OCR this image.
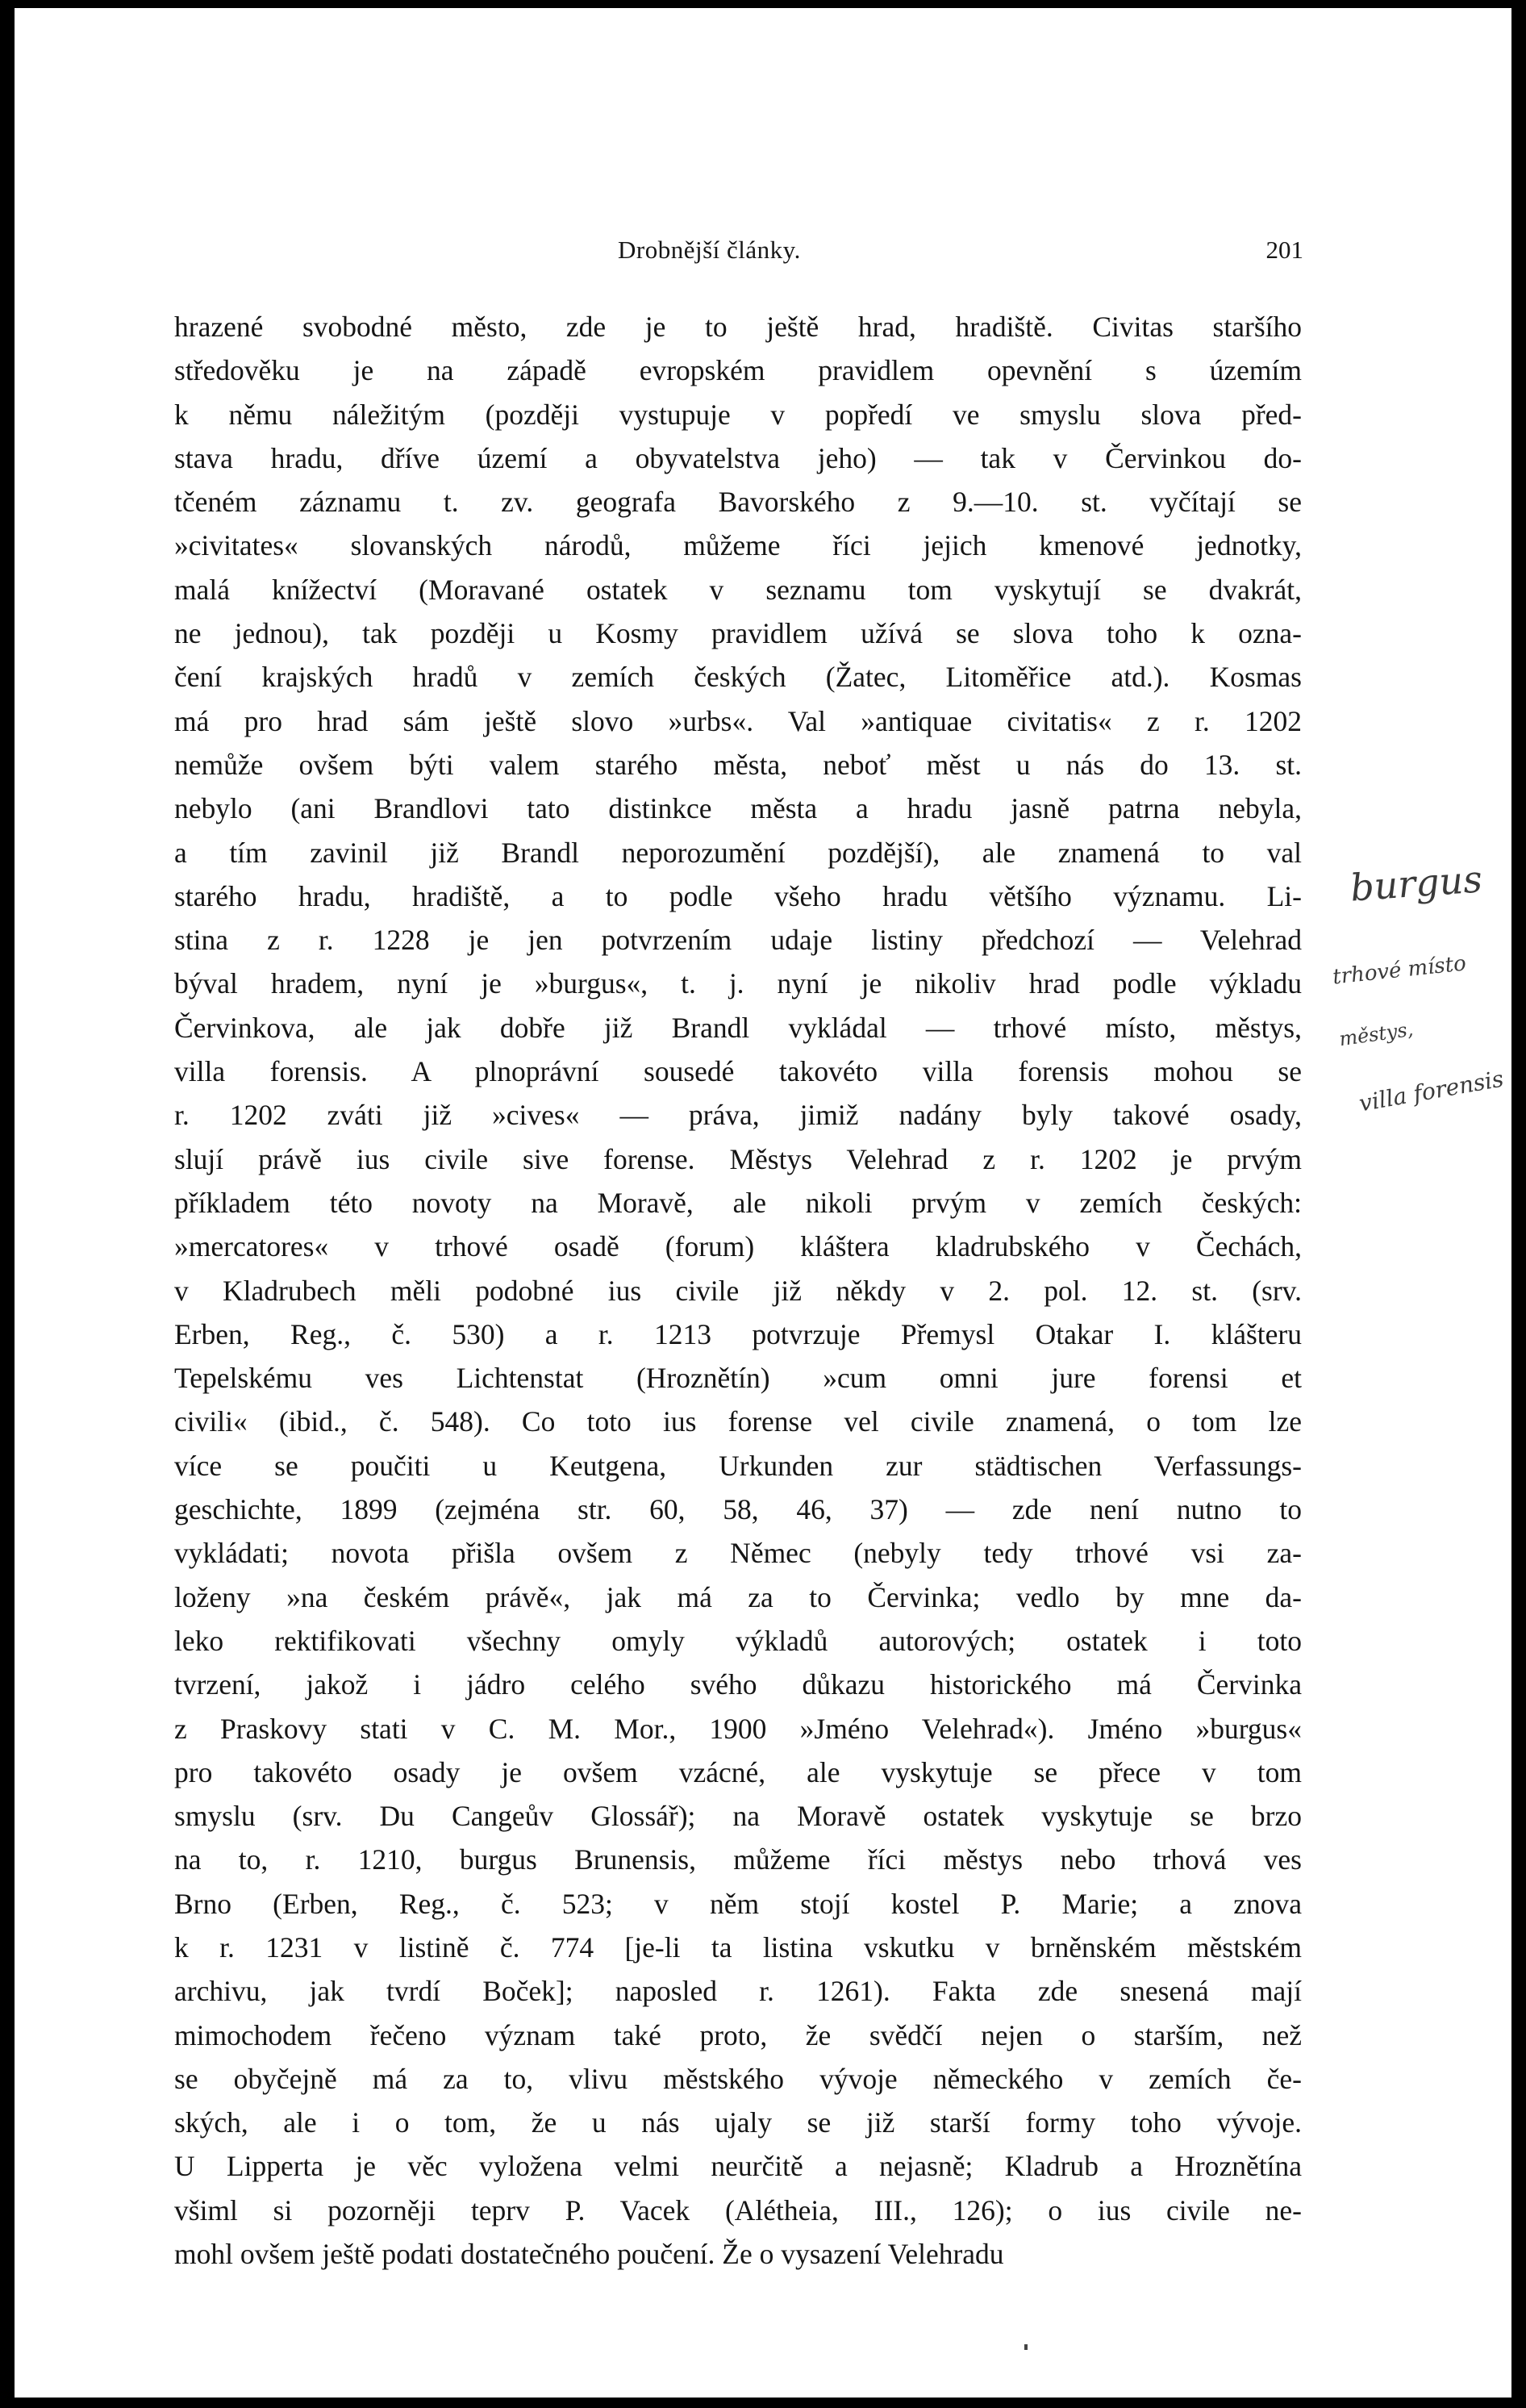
Drobnější články.	201
hrazené svobodné město, zde je to ještě hrad, hradiště. Civitas staršího
středověku je na západě evropském pravidlem opevnění s územím
k němu náležitým (později vystupuje v popředí ve smyslu slova před-
stava hradu, dříve území a obyvatelstva jeho) — tak v Červinkou do-
tčeném záznamu t. zv. geografa Bavorského z 9.—10. st. vyčítají se
»civitates« slovanských národů, můžeme říci jejich kmenové jednotky,
malá knížectví (Moravané ostatek v seznamu tom vyskytují se dvakrát,
ne jednou), tak později u Kosmy pravidlem užívá se slova toho k ozna-
čení krajských hradů v zemích českých (Žatec, Litoměřice atd.). Kosmas
má pro hrad sám ještě slovo »urbs«. Val »antiquae civitatis« z r. 1202
nemůže ovšem býti valem starého města, neboť měst u nás do 13. st.
nebylo (ani Brandlovi tato distinkce města a hradu jasně patrna nebyla,
a tím zavinil již Brandl neporozumění pozdější), ale znamená to val
starého hradu, hradiště, a to podle všeho hradu většího významu. Li-
stina z r. 1228 je jen potvrzením udaje listiny předchozí — Velehrad
býval hradem, nyní je »burgus«, t. j. nyní je nikoliv hrad podle výkladu
Červinkova, ale jak dobře již Brandl vykládal — trhové místo, městys,
villa forensis. A plnoprávní sousedé takovéto villa forensis mohou se
r. 1202 zváti již »cives« — práva, jimiž nadány byly takové osady,
slují právě ius civile sive forense. Městys Velehrad z r. 1202 je prvým
příkladem této novoty na Moravě, ale nikoli prvým v zemích českých:
»mercatores« v trhové osadě (forum) kláštera kladrubského v Čechách,
v Kladrubech měli podobné ius civile již někdy v 2. pol. 12. st. (srv.
Erben, Reg., č. 530) a r. 1213 potvrzuje Přemysl Otakar I. klášteru
Tepelskému ves Lichtenstat (Hroznětín) »cum omni jure forensi et
civili« (ibid., č. 548). Co toto ius forense vel civile znamená, o tom lze
více se poučiti u Keutgena, Urkunden zur städtischen Verfassungs-
geschichte, 1899 (zejména str. 60, 58, 46, 37) — zde není nutno to
vykládati; novota přišla ovšem z Němec (nebyly tedy trhové vsi za-
loženy »na českém právě«, jak má za to Červinka; vedlo by mne da-
leko rektifikovati všechny omyly výkladů autorových; ostatek i toto
tvrzení, jakož i jádro celého svého důkazu historického má Červinka
z Praskovy stati v C. M. Mor., 1900 »Jméno Velehrad«). Jméno »burgus«
pro takovéto osady je ovšem vzácné, ale vyskytuje se přece v tom
smyslu (srv. Du Cangeův Glossář); na Moravě ostatek vyskytuje se brzo
na to, r. 1210, burgus Brunensis, můžeme říci městys nebo trhová ves
Brno (Erben, Reg., č. 523; v něm stojí kostel P. Marie; a znova
k r. 1231 v listině č. 774 [je-li ta listina vskutku v brněnském městském
archivu, jak tvrdí Boček]; naposled r. 1261). Fakta zde snesená mají
mimochodem řečeno význam také proto, že svědčí nejen o starším, než
se obyčejně má za to, vlivu městského vývoje německého v zemích če-
ských, ale i o tom, že u nás ujaly se již starší formy toho vývoje.
U Lipperta je věc vyložena velmi neurčitě a nejasně; Kladrub a Hroznětína
všiml si pozorněji teprv P. Vacek (Alétheia, III., 126); o ius civile ne-
mohl ovšem ještě podati dostatečného poučení. Že o vysazení Velehradu
burgus
trhové místo
městys,
villa forensis
